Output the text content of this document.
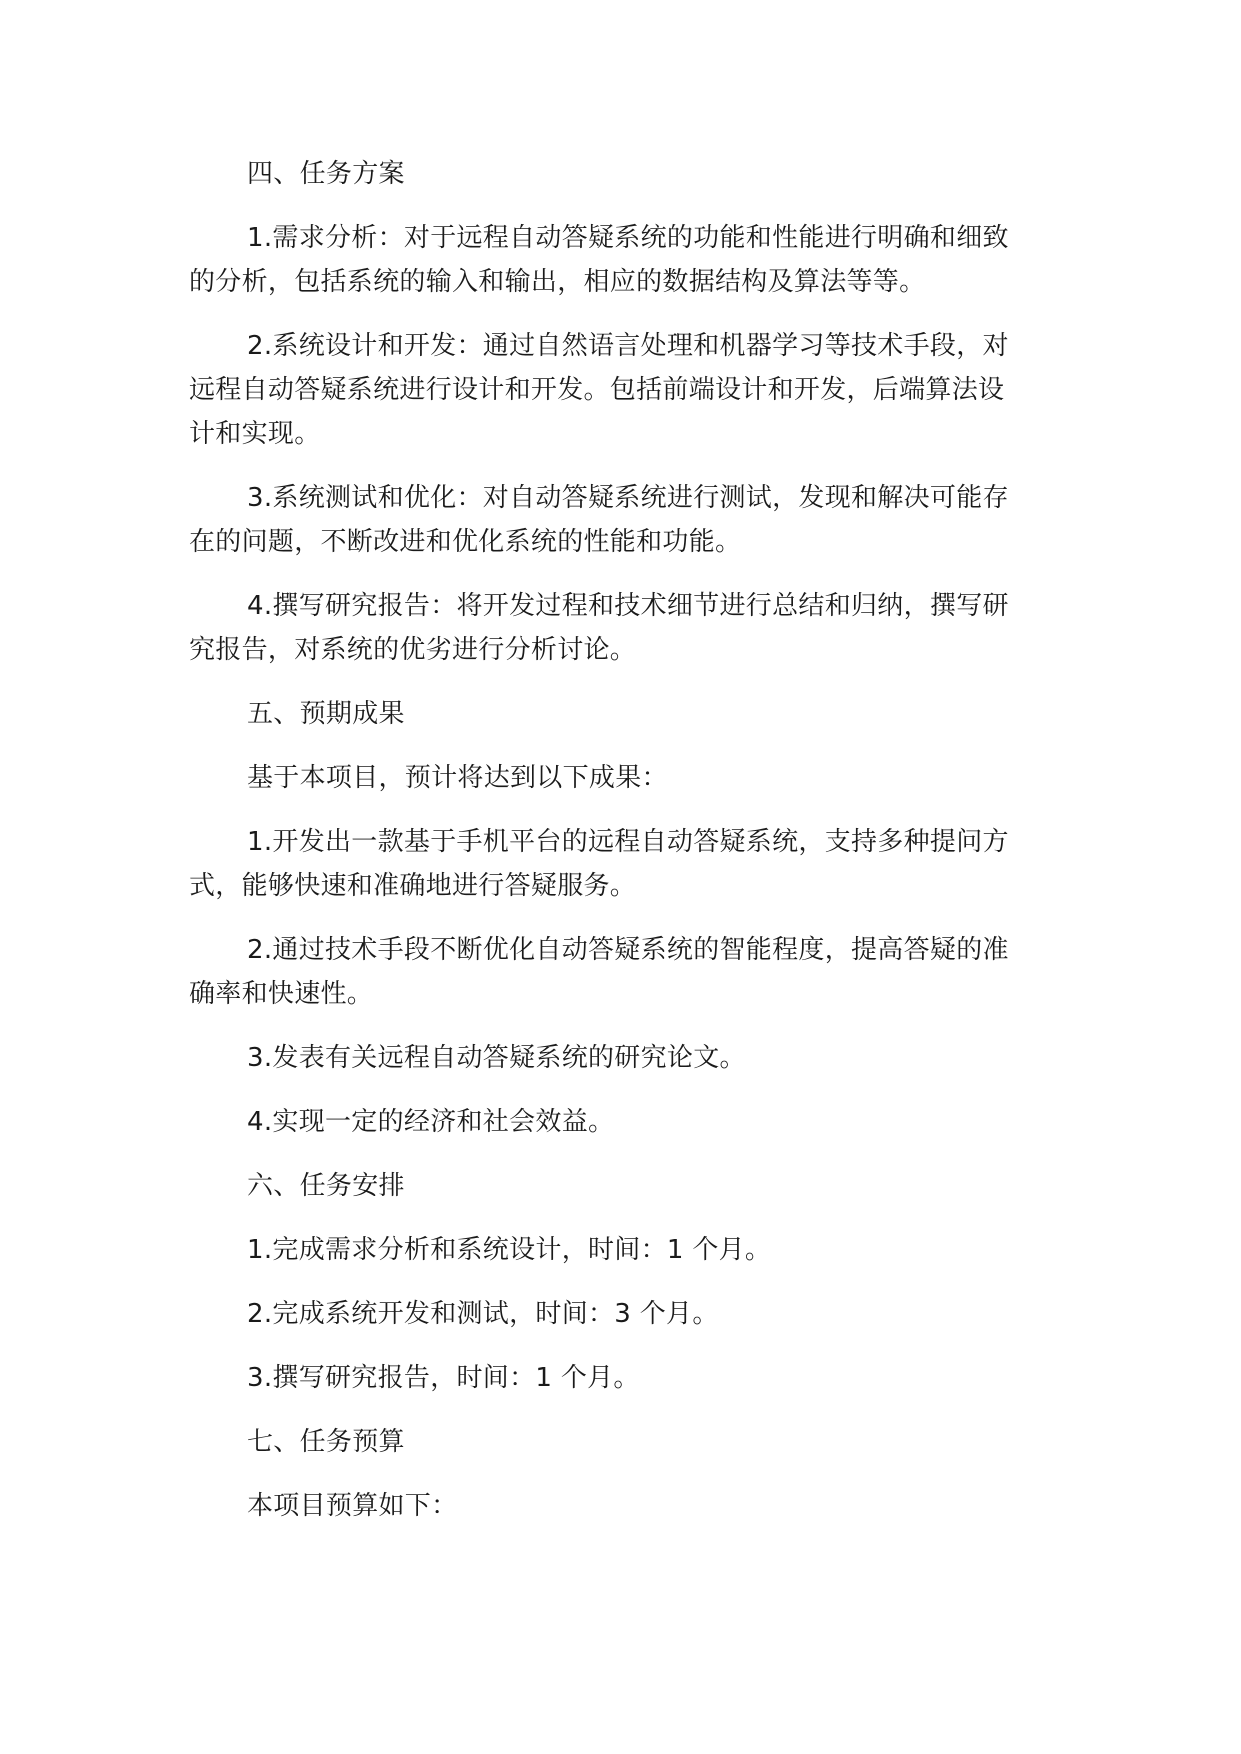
四、任务方案

1.需求分析：对于远程自动答疑系统的功能和性能进行明确和细致的分析，包括系统的输入和输出，相应的数据结构及算法等等。

2.系统设计和开发：通过自然语言处理和机器学习等技术手段，对远程自动答疑系统进行设计和开发。包括前端设计和开发，后端算法设计和实现。

3.系统测试和优化：对自动答疑系统进行测试，发现和解决可能存在的问题，不断改进和优化系统的性能和功能。

4.撰写研究报告：将开发过程和技术细节进行总结和归纳，撰写研究报告，对系统的优劣进行分析讨论。

五、预期成果

基于本项目，预计将达到以下成果：

1.开发出一款基于手机平台的远程自动答疑系统，支持多种提问方式，能够快速和准确地进行答疑服务。

2.通过技术手段不断优化自动答疑系统的智能程度，提高答疑的准确率和快速性。

3.发表有关远程自动答疑系统的研究论文。

4.实现一定的经济和社会效益。

六、任务安排

1.完成需求分析和系统设计，时间：1 个月。

2.完成系统开发和测试，时间：3 个月。

3.撰写研究报告，时间：1 个月。

七、任务预算

本项目预算如下：
